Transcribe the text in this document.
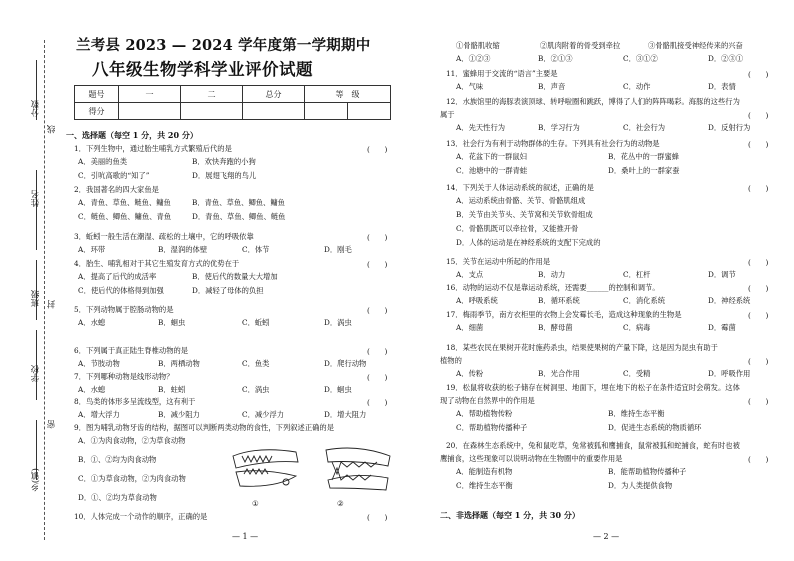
分数
姓名
班级
学校
乡(镇)
线
封
密
兰考县 2023 — 2024 学年度第一学期期中
八年级生物学科学业评价试题
题号	一	二	总分	等　级	
得分					
一、选择题（每空 1 分，共 20 分）
1．下列生物中，通过胎生哺乳方式繁殖后代的是	(　　)
A．美丽的鱼类	B．欢快奔跑的小狗
C．引吭高歌的“知了”	D．展翅飞翔的鸟儿
2．我国著名的四大家鱼是
A．青鱼、草鱼、鲢鱼、鳙鱼	B．青鱼、草鱼、鲫鱼、鳙鱼
C．鲢鱼、鲫鱼、鳙鱼、青鱼	D．青鱼、草鱼、鲫鱼、鲢鱼
3．蚯蚓一般生活在潮湿、疏松的土壤中，它的呼吸依靠	(　　)
A．环带	B．湿润的体壁	C．体节	D．刚毛
4．胎生、哺乳相对于其它生殖发育方式的优势在于	(　　)
A．提高了后代的成活率	B．使后代的数量大大增加
C．使后代的体格得到加强	D．减轻了母体的负担
5．下列动物属于腔肠动物的是	(　　)
A．水螅	B．蛔虫	C．蚯蚓	D．涡虫
6．下列属于真正陆生脊椎动物的是	(　　)
A．节肢动物	B．两栖动物	C．鱼类	D．爬行动物
7．下列哪种动物是线形动物？	(　　)
A．水螅	B．蛀蚓	C．涡虫	D．蛔虫
8．鸟类的体形多呈流线型，这有利于	(　　)
A．增大浮力	B．减少阻力	C．减少浮力	D．增大阻力
9．图为哺乳动物牙齿的结构，据图可以判断两类动物的食性，下列叙述正确的是
A．①为肉食动物，②为草食动物
B．①、②均为肉食动物
C．①为草食动物，②为肉食动物
D．①、②均为草食动物
10．人体完成一个动作的顺序，正确的是	(　　)
①	②
— 1 —
①骨骼肌收缩	②肌肉附着的骨受到牵拉	③骨骼肌接受神经传来的兴奋
A．①②③	B．②①③	C．③①②	D．②③①
11．蜜蜂用于交流的“语言”主要是	(　　)
A．气味	B．声音	C．动作	D．表情
12．水族馆里的海豚表演顶球、转呼啦圈和跳跃，博得了人们的阵阵喝彩。海豚的这些行为
属于	(　　)
A．先天性行为	B．学习行为	C．社会行为	D．反射行为
13．社会行为有利于动物群体的生存。下列具有社会行为的动物是	(　　)
A．花盆下的一群鼠妇	B．花丛中的一群蜜蜂
C．池塘中的一群青蛙	D．桑叶上的一群家蚕
14．下列关于人体运动系统的叙述，正确的是	(　　)
A．运动系统由骨骼、关节、骨骼肌组成
B．关节由关节头、关节窝和关节软骨组成
C．骨骼肌既可以牵拉骨，又能推开骨
D．人体的运动是在神经系统的支配下完成的
15．关节在运动中所起的作用是	(　　)
A．支点	B．动力	C．杠杆	D．调节
16．动物的运动不仅是靠运动系统，还需要______的控制和调节。	(　　)
A．呼吸系统	B．循环系统	C．消化系统	D．神经系统
17．梅雨季节，南方衣柜里的衣物上会发霉长毛，造成这种现象的生物是	(　　)
A．细菌	B．酵母菌	C．病毒	D．霉菌
18．某些农民在果树开花时施药杀虫，结果使果树的产量下降，这是因为昆虫有助于
植物的	(　　)
A．传粉	B．光合作用	C．受精	D．呼吸作用
19．松鼠将收获的松子储存在树洞里、地面下，埋在地下的松子在条件适宜时会萌发。这体
现了动物在自然界中的作用是	(　　)
A．帮助植物传粉	B．维持生态平衡
C．帮助植物传播种子	D．促进生态系统的物质循环
20．在森林生态系统中，兔和鼠吃草，兔常被狐和鹰捕食，鼠常被狐和蛇捕食，蛇有时也被
鹰捕食，这些现象可以说明动物在生物圈中的重要作用是	(　　)
A．能制造有机物	B．能帮助植物传播种子
C．维持生态平衡	D．为人类提供食物
二、非选择题（每空 1 分，共 30 分）
— 2 —
